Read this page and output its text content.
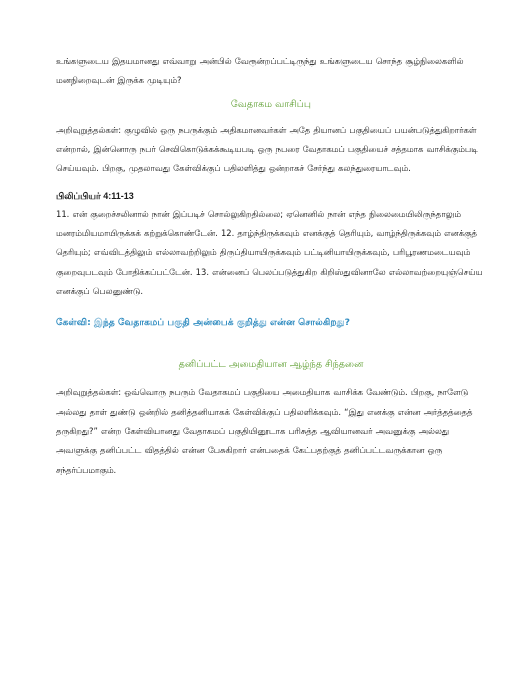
உங்களுடைய இதயமானது எவ்வாறு அன்பில் வேரூன்றப்பட்டிருந்து உங்களுடைய சொந்த சூழ்நிலைகளில் மனநிறைவுடன் இருக்க முடியும்?

வேதாகம வாசிப்பு

அறிவுறுத்தல்கள்: குழுவில் ஒரு நபருக்கும் அதிகமானவர்கள் அதே தியானப் பகுதியைப் பயன்படுத்துகிறார்கள் என்றால், இன்னொரு நபர் செவிகொடுக்கக்கூடியபடி ஒரு நபரை வேதாகமப் பகுதியைச் சத்தமாக வாசிக்கும்படி செய்யவும். பிறகு, முதலாவது கேள்விக்குப் பதிலளித்து ஒன்றாகச் சேர்ந்து கலந்துரையாடவும்.

பிலிப்பியர் 4:11-13

11. என் குறைச்சலினால் நான் இப்படிச் சொல்லுகிறதில்லை; ஏனெனில் நான் எந்த நிலைமையிலிருந்தாலும் மனரம்மியமாயிருக்கக் கற்றுக்கொண்டேன். 12. தாழ்ந்திருக்கவும் எனக்குத் தெரியும், வாழ்ந்திருக்கவும் எனக்குத் தெரியும்; எவ்விடத்திலும் எல்லாவற்றிலும் திருப்தியாயிருக்கவும் பட்டினியாயிருக்கவும், பரிபூரணமடையவும் குறைவுபடவும் போதிக்கப்பட்டேன். 13. என்னைப் பெலப்படுத்துகிற கிறிஸ்துவினாலே எல்லாவற்றையுஞ்செய்ய எனக்குப் பெலனுண்டு.

கேள்வி: இந்த வேதாகமப் பகுதி அன்பைக் குறித்து என்ன சொல்கிறது?
தனிப்பட்ட அமைதியான ஆழ்ந்த சிந்தனை

அறிவுறுத்தல்கள்: ஒவ்வொரு நபரும் வேதாகமப் பகுதியை அமைதியாக வாசிக்க வேண்டும். பிறகு, நாளேடு அல்லது தாள் துண்டு ஒன்றில் தனித்தனியாகக் கேள்விக்குப் பதிலளிக்கவும். “இது எனக்கு என்ன அர்த்தத்தைத் தருகிறது?” என்ற கேள்வியானது வேதாகமப் பகுதியினூடாக பரிசுத்த ஆவியானவர் அவனுக்கு அல்லது அவளுக்கு தனிப்பட்ட விதத்தில் என்ன பேசுகிறார் என்பதைக் கேட்பதற்குத் தனிப்பட்டவருக்கான ஒரு சந்தர்ப்பமாகும்.
